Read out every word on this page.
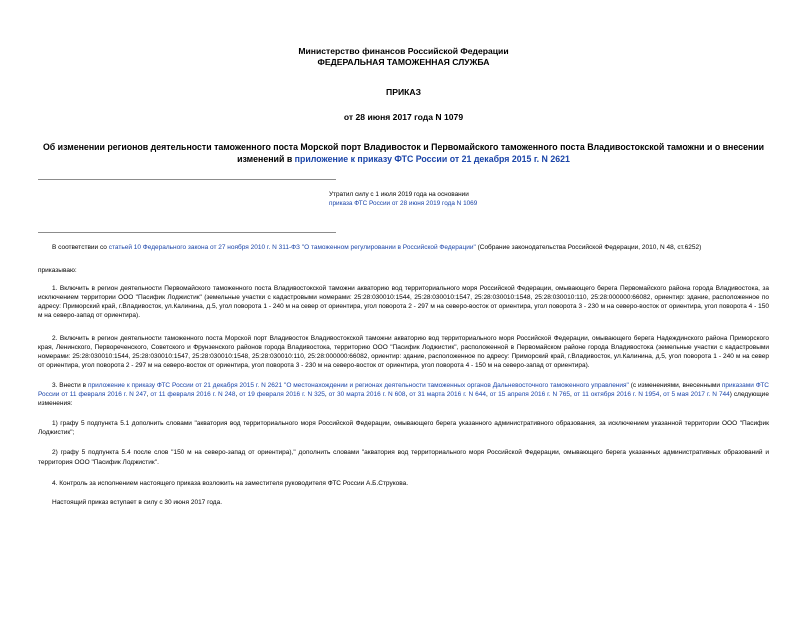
Министерство финансов Российской Федерации
ФЕДЕРАЛЬНАЯ ТАМОЖЕННАЯ СЛУЖБА
ПРИКАЗ
от 28 июня 2017 года N 1079
Об изменении регионов деятельности таможенного поста Морской порт Владивосток и Первомайского таможенного поста Владивостокской таможни и о внесении изменений в приложение к приказу ФТС России от 21 декабря 2015 г. N 2621
Утратил силу с 1 июля 2019 года на основании
приказа ФТС России от 28 июня 2019 года N 1069

В соответствии со статьей 10 Федерального закона от 27 ноября 2010 г. N 311-ФЗ "О таможенном регулировании в Российской Федерации" (Собрание законодательства Российской Федерации, 2010, N 48, ст.6252)

приказываю:

1. Включить в регион деятельности Первомайского таможенного поста Владивостокской таможни акваторию вод территориального моря Российской Федерации, омывающего берега Первомайского района города Владивостока, за исключением территории ООО "Пасифик Лоджистик" (земельные участки с кадастровыми номерами: 25:28:030010:1544, 25:28:030010:1547, 25:28:030010:1548, 25:28:030010:110, 25:28:000000:66082, ориентир: здание, расположенное по адресу: Приморский край, г.Владивосток, ул.Калинина, д.5, угол поворота 1 - 240 м на север от ориентира, угол поворота 2 - 297 м на северо-восток от ориентира, угол поворота 3 - 230 м на северо-восток от ориентира, угол поворота 4 - 150 м на северо-запад от ориентира).

2. Включить в регион деятельности таможенного поста Морской порт Владивосток Владивостокской таможни акваторию вод территориального моря Российской Федерации, омывающего берега Надеждинского района Приморского края, Ленинского, Первореченского, Советского и Фрунзенского районов города Владивостока, территорию ООО "Пасифик Лоджистик", расположенной в Первомайском районе города Владивостока (земельные участки с кадастровыми номерами: 25:28:030010:1544, 25:28:030010:1547, 25:28:030010:1548, 25:28:030010:110, 25:28:000000:66082, ориентир: здание, расположенное по адресу: Приморский край, г.Владивосток, ул.Калинина, д.5, угол поворота 1 - 240 м на север от ориентира, угол поворота 2 - 297 м на северо-восток от ориентира, угол поворота 3 - 230 м на северо-восток от ориентира, угол поворота 4 - 150 м на северо-запад от ориентира).

3. Внести в приложение к приказу ФТС России от 21 декабря 2015 г. N 2621 "О местонахождении и регионах деятельности таможенных органов Дальневосточного таможенного управления" (с изменениями, внесенными приказами ФТС России от 11 февраля 2016 г. N 247, от 11 февраля 2016 г. N 248, от 19 февраля 2016 г. N 325, от 30 марта 2016 г. N 608, от 31 марта 2016 г. N 644, от 15 апреля 2016 г. N 765, от 11 октября 2016 г. N 1954, от 5 мая 2017 г. N 744) следующие изменения:

1) графу 5 подпункта 5.1 дополнить словами "акватория вод территориального моря Российской Федерации, омывающего берега указанного административного образования, за исключением указанной территории ООО "Пасифик Лоджистик";

2) графу 5 подпункта 5.4 после слов "150 м на северо-запад от ориентира)," дополнить словами "акватория вод территориального моря Российской Федерации, омывающего берега указанных административных образований и территория ООО "Пасифик Лоджистик".

4. Контроль за исполнением настоящего приказа возложить на заместителя руководителя ФТС России А.Б.Струкова.

Настоящий приказ вступает в силу с 30 июня 2017 года.
